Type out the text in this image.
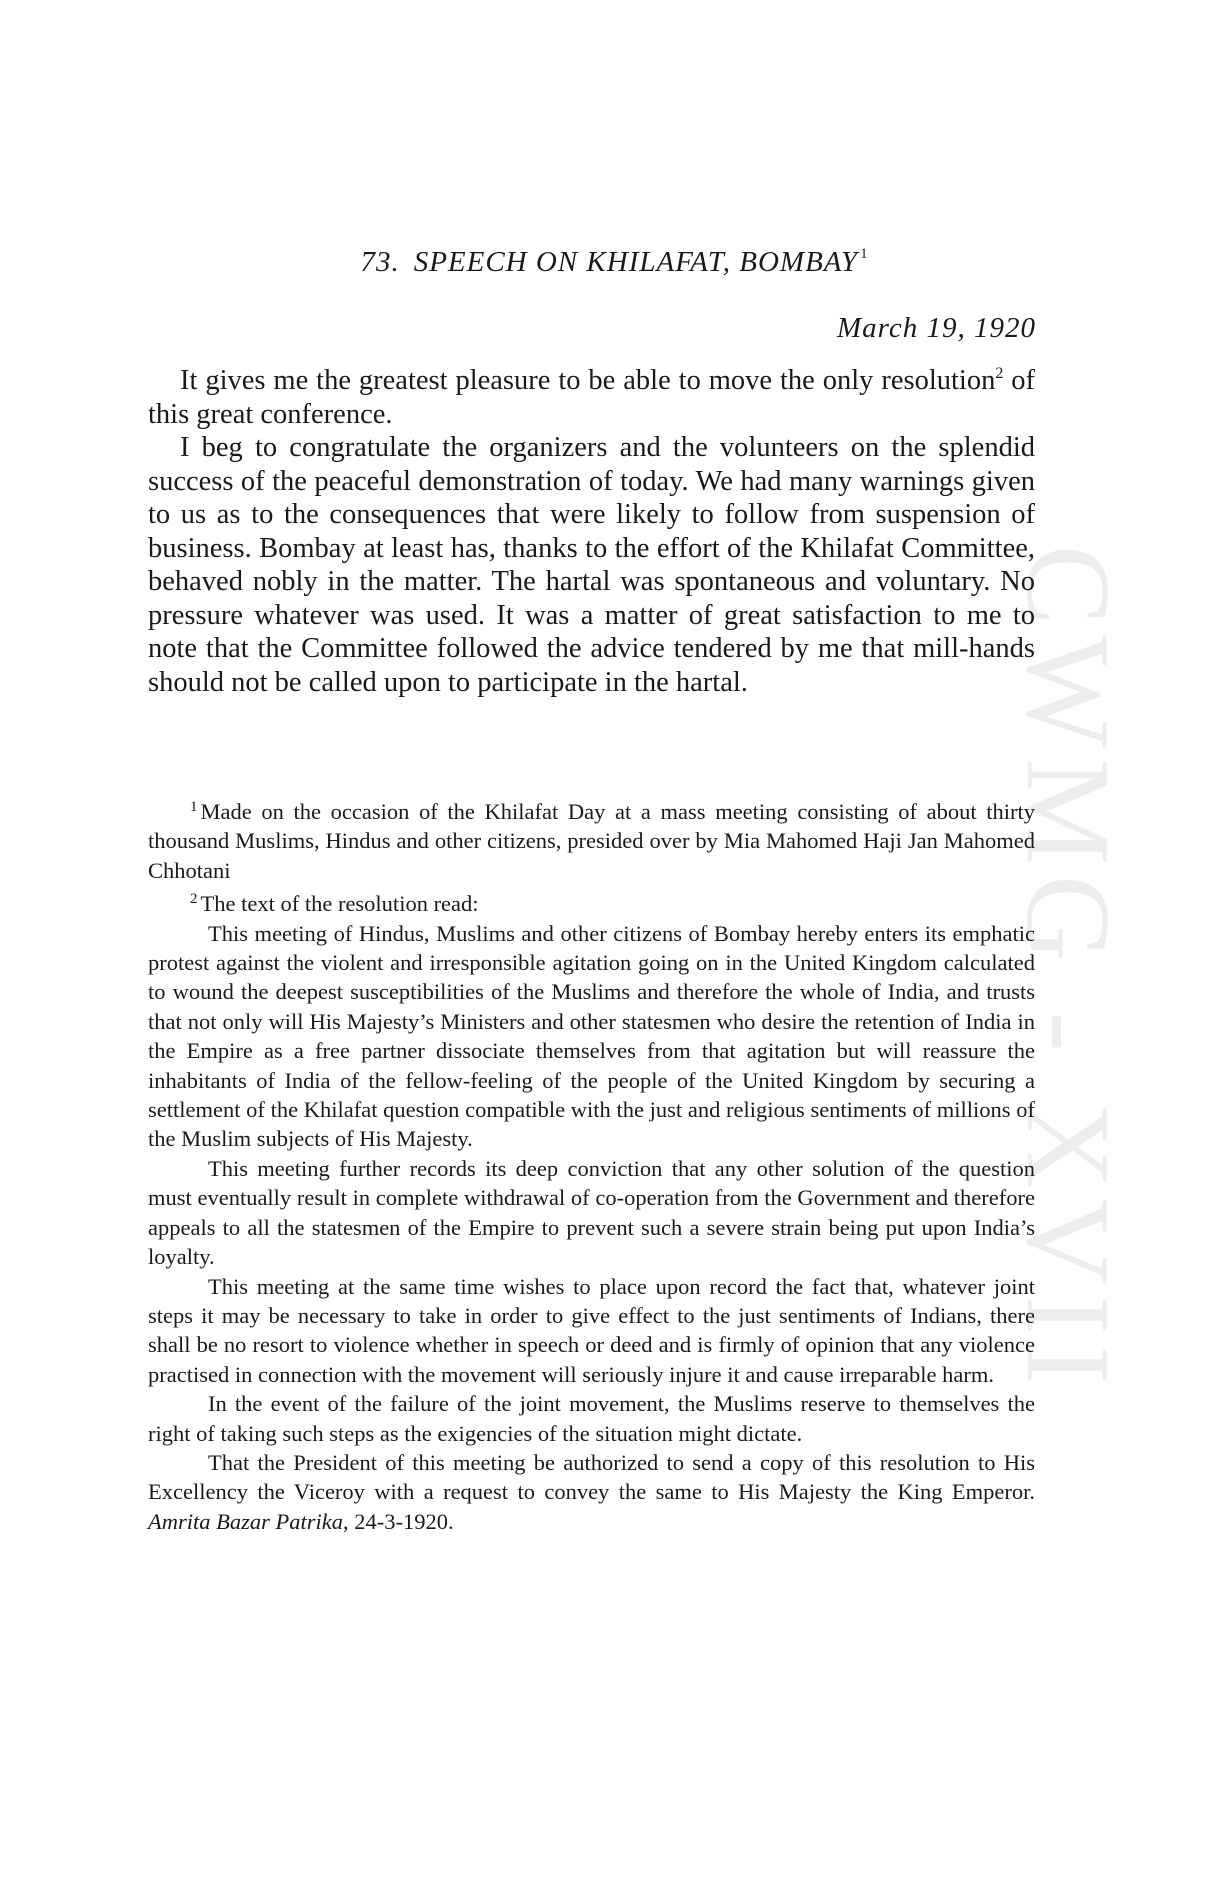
CWMG - XVII
73. SPEECH ON KHILAFAT, BOMBAY $^1$
March 19, 1920

It gives me the greatest pleasure to be able to move the only resolution$^2$ of this great conference.

I beg to congratulate the organizers and the volunteers on the splendid success of the peaceful demonstration of today. We had many warnings given to us as to the consequences that were likely to follow from suspension of business. Bombay at least has, thanks to the effort of the Khilafat Committee, behaved nobly in the matter. The hartal was spontaneous and voluntary. No pressure whatever was used. It was a matter of great satisfaction to me to note that the Committee followed the advice tendered by me that mill-hands should not be called upon to participate in the hartal.

$^1$ Made on the occasion of the Khilafat Day at a mass meeting consisting of about thirty thousand Muslims, Hindus and other citizens, presided over by Mia Mahomed Haji Jan Mahomed Chhotani

$^2$ The text of the resolution read:

This meeting of Hindus, Muslims and other citizens of Bombay hereby enters its emphatic protest against the violent and irresponsible agitation going on in the United Kingdom calculated to wound the deepest susceptibilities of the Muslims and therefore the whole of India, and trusts that not only will His Majesty’s Ministers and other statesmen who desire the retention of India in the Empire as a free partner dissociate themselves from that agitation but will reassure the inhabitants of India of the fellow-feeling of the people of the United Kingdom by securing a settlement of the Khilafat question compatible with the just and religious sentiments of millions of the Muslim subjects of His Majesty.

This meeting further records its deep conviction that any other solution of the question must eventually result in complete withdrawal of co-operation from the Government and therefore appeals to all the statesmen of the Empire to prevent such a severe strain being put upon India’s loyalty.

This meeting at the same time wishes to place upon record the fact that, whatever joint steps it may be necessary to take in order to give effect to the just sentiments of Indians, there shall be no resort to violence whether in speech or deed and is firmly of opinion that any violence practised in connection with the movement will seriously injure it and cause irreparable harm.

In the event of the failure of the joint movement, the Muslims reserve to themselves the right of taking such steps as the exigencies of the situation might dictate.

That the President of this meeting be authorized to send a copy of this resolution to His Excellency the Viceroy with a request to convey the same to His Majesty the King Emperor. Amrita Bazar Patrika, 24-3-1920.
